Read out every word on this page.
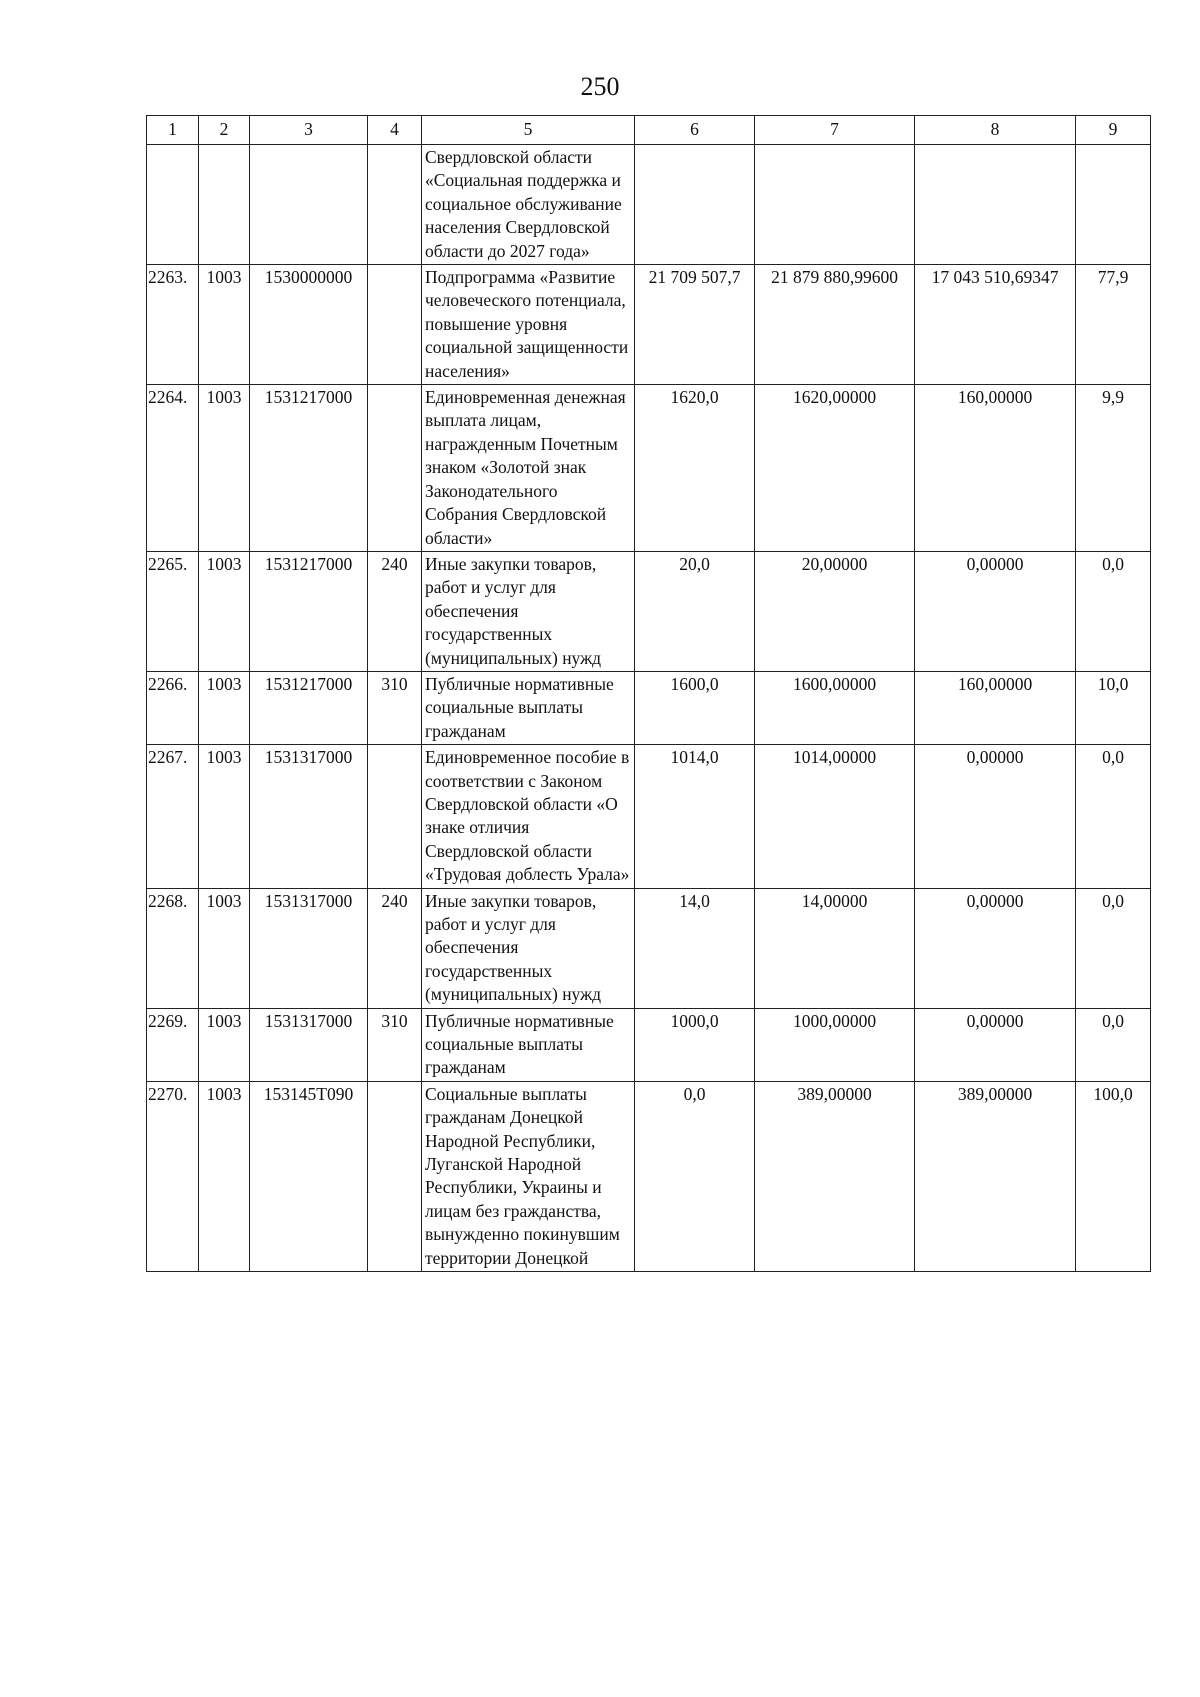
250
1	2	3	4	5	6	7	8	9
				Свердловской области «Социальная поддержка и социальное обслуживание населения Свердловской области до 2027 года»				
2263.	1003	1530000000		Подпрограмма «Развитие человеческого потенциала, повышение уровня социальной защищенности населения»	21 709 507,7	21 879 880,99600	17 043 510,69347	77,9
2264.	1003	1531217000		Единовременная денежная выплата лицам, награжденным Почетным знаком «Золотой знак Законодательного Собрания Свердловской области»	1620,0	1620,00000	160,00000	9,9
2265.	1003	1531217000	240	Иные закупки товаров, работ и услуг для обеспечения государственных (муниципальных) нужд	20,0	20,00000	0,00000	0,0
2266.	1003	1531217000	310	Публичные нормативные социальные выплаты гражданам	1600,0	1600,00000	160,00000	10,0
2267.	1003	1531317000		Единовременное пособие в соответствии с Законом Свердловской области «О знаке отличия Свердловской области «Трудовая доблесть Урала»	1014,0	1014,00000	0,00000	0,0
2268.	1003	1531317000	240	Иные закупки товаров, работ и услуг для обеспечения государственных (муниципальных) нужд	14,0	14,00000	0,00000	0,0
2269.	1003	1531317000	310	Публичные нормативные социальные выплаты гражданам	1000,0	1000,00000	0,00000	0,0
2270.	1003	153145T090		Социальные выплаты гражданам Донецкой Народной Республики, Луганской Народной Республики, Украины и лицам без гражданства, вынужденно покинувшим территории Донецкой	0,0	389,00000	389,00000	100,0
